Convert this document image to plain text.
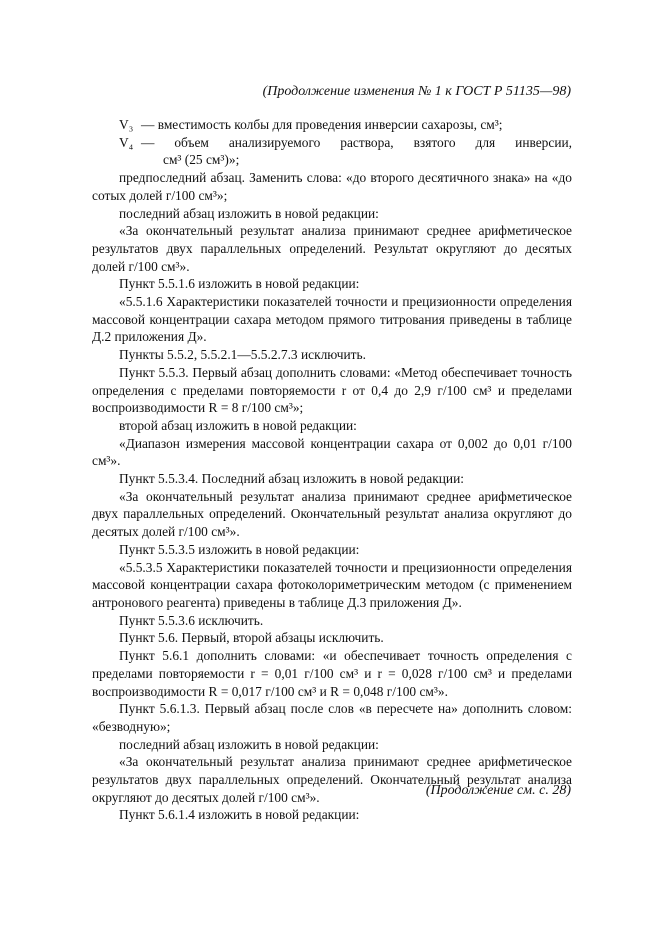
(Продолжение изменения № 1 к ГОСТ Р 51135—98)
V₃ — вместимость колбы для проведения инверсии сахарозы, см³;
V₄ — объем анализируемого раствора, взятого для инверсии,
см³ (25 см³)»;

предпоследний абзац. Заменить слова: «до второго десятичного знака» на «до сотых долей г/100 см³»;

последний абзац изложить в новой редакции:

«За окончательный результат анализа принимают среднее арифметическое результатов двух параллельных определений. Результат округляют до десятых долей г/100 см³».

Пункт 5.5.1.6 изложить в новой редакции:

«5.5.1.6 Характеристики показателей точности и прецизионности определения массовой концентрации сахара методом прямого титрования приведены в таблице Д.2 приложения Д».

Пункты 5.5.2, 5.5.2.1—5.5.2.7.3 исключить.

Пункт 5.5.3. Первый абзац дополнить словами: «Метод обеспечивает точность определения с пределами повторяемости r от 0,4 до 2,9 г/100 см³ и пределами воспроизводимости R = 8 г/100 см³»;

второй абзац изложить в новой редакции:

«Диапазон измерения массовой концентрации сахара от 0,002 до 0,01 г/100 см³».

Пункт 5.5.3.4. Последний абзац изложить в новой редакции:

«За окончательный результат анализа принимают среднее арифметическое двух параллельных определений. Окончательный результат анализа округляют до десятых долей г/100 см³».

Пункт 5.5.3.5 изложить в новой редакции:

«5.5.3.5 Характеристики показателей точности и прецизионности определения массовой концентрации сахара фотоколориметрическим методом (с применением антронового реагента) приведены в таблице Д.3 приложения Д».

Пункт 5.5.3.6 исключить.

Пункт 5.6. Первый, второй абзацы исключить.

Пункт 5.6.1 дополнить словами: «и обеспечивает точность определения с пределами повторяемости r = 0,01 г/100 см³ и r = 0,028 г/100 см³ и пределами воспроизводимости R = 0,017 г/100 см³ и R = 0,048 г/100 см³».

Пункт 5.6.1.3. Первый абзац после слов «в пересчете на» дополнить словом: «безводную»;

последний абзац изложить в новой редакции:

«За окончательный результат анализа принимают среднее арифметическое результатов двух параллельных определений. Окончательный результат анализа округляют до десятых долей г/100 см³».

Пункт 5.6.1.4 изложить в новой редакции:

(Продолжение см. с. 28)
